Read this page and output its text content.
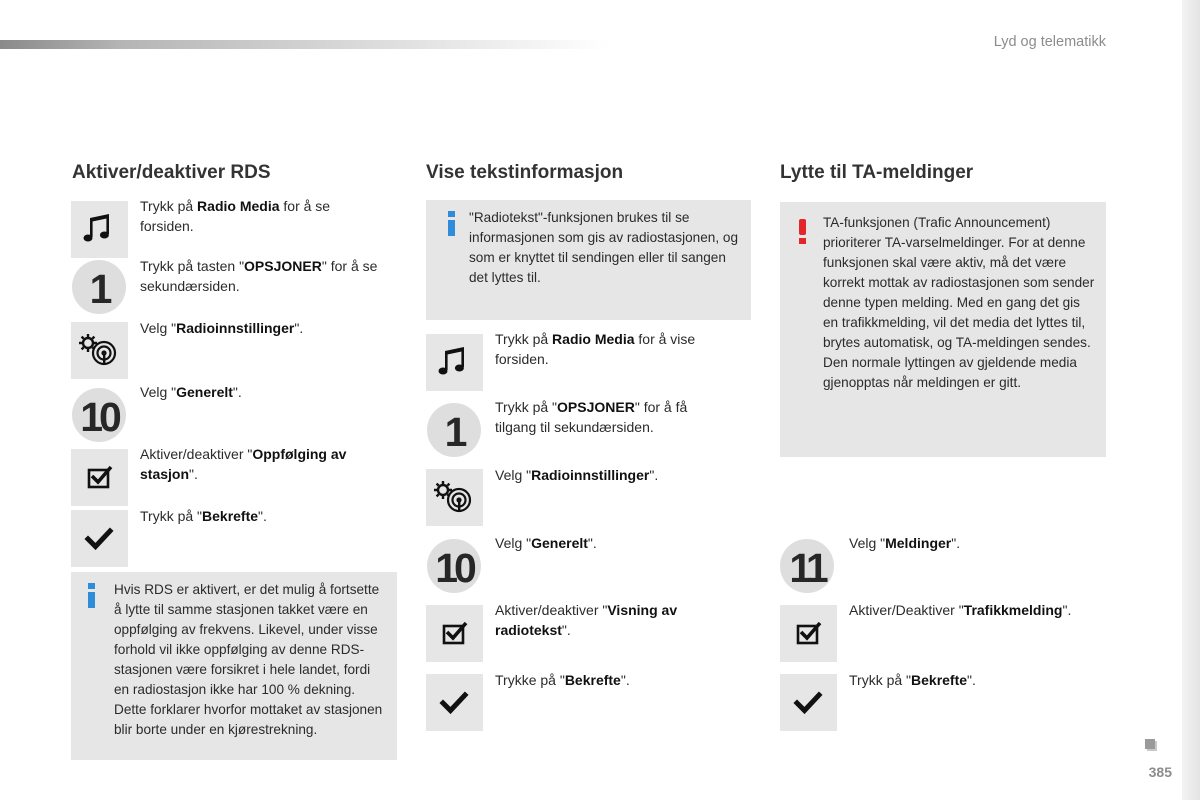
Lyd og telematikk
Aktiver/deaktiver RDS
Trykk på Radio Media for å se forsiden.
1	Trykk på tasten "OPSJONER" for å se sekundærsiden.
Velg "Radioinnstillinger".
10
Velg "Generelt".
Aktiver/deaktiver "Oppfølging av stasjon".
Trykk på "Bekrefte".
Hvis RDS er aktivert, er det mulig å fortsette å lytte til samme stasjonen takket være en oppfølging av frekvens. Likevel, under visse forhold vil ikke oppfølging av denne RDS-stasjonen være forsikret i hele landet, fordi en radiostasjon ikke har 100 % dekning. Dette forklarer hvorfor mottaket av stasjonen blir borte under en kjørestrekning.
Vise tekstinformasjon
"Radiotekst"-funksjonen brukes til se informasjonen som gis av radiostasjonen, og som er knyttet til sendingen eller til sangen det lyttes til.
Trykk på Radio Media for å vise forsiden.
1
Trykk på "OPSJONER" for å få tilgang til sekundærsiden.
Velg "Radioinnstillinger".
10
Velg "Generelt".
Aktiver/deaktiver "Visning av radiotekst".
Trykke på "Bekrefte".
Lytte til TA-meldinger
TA-funksjonen (Trafic Announcement) prioriterer TA-varselmeldinger. For at denne funksjonen skal være aktiv, må det være korrekt mottak av radiostasjonen som sender denne typen melding. Med en gang det gis en trafikkmelding, vil det media det lyttes til, brytes automatisk, og TA-meldingen sendes. Den normale lyttingen av gjeldende media gjenopptas når meldingen er gitt.
11
Velg "Meldinger".
Aktiver/Deaktiver "Trafikkmelding".
Trykk på "Bekrefte".
385
